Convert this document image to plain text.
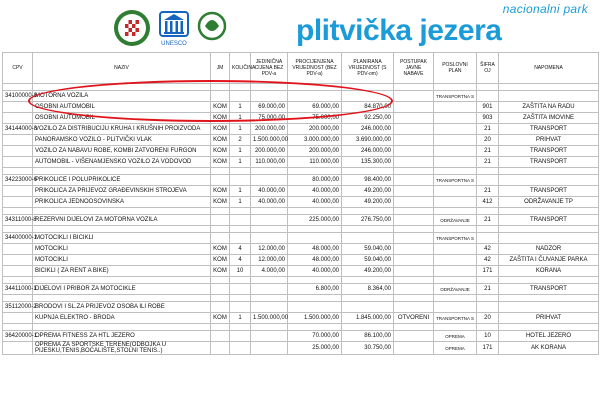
UNESCO
nacionalni park
plitvička jezera
CPV	NAZIV	JM	KOLIČINA	JEDINIČNA CIJENA BEZ PDV-a	PROCIJENJENA VRIJEDNOST (BEZ PDV-a)	PLANIRANA VRIJEDNOST (S PDV-om)	POSTUPAK JAVNE NABAVE	POSLOVNI PLAN	ŠIFRA OJ	NAPOMENA

34100000-8	MOTORNA VOZILA							TRANSPORTNA S		
	OSOBNI AUTOMOBIL	KOM	1	69.000,00	69.000,00	84.870,00			901	ZAŠTITA NA RADU
	OSOBNI AUTOMOBIL	KOM	1	75.000,00	75.000,00	92.250,00			903	ZAŠTITA IMOVINE
34144000-8	VOZILO ZA DISTRIBUCIJU KRUHA I KRUŠNIH PROIZVODA	KOM	1	200.000,00	200.000,00	246.000,00			21	TRANSPORT
	PANORAMSKO VOZILO - PLITVIČKI VLAK	KOM	2	1.500.000,00	3.000.000,00	3.690.000,00			20	PRIHVAT
	VOZILO ZA NABAVU ROBE, KOMBI ZATVORENI FURGON	KOM	1	200.000,00	200.000,00	246.000,00			21	TRANSPORT
	AUTOMOBIL - VIŠENAMJENSKO VOZILO ZA VODOVOD	KOM	1	110.000,00	110.000,00	135.300,00			21	TRANSPORT

34223000-6	PRIKOLICE I POLUPRIKOLICE				80.000,00	98.400,00		TRANSPORTNA S		
	PRIKOLICA ZA PRIJEVOZ GRAĐEVINSKIH STROJEVA	KOM	1	40.000,00	40.000,00	49.200,00			21	TRANSPORT
	PRIKOLICA JEDNOOSOVINSKA	KOM	1	40.000,00	40.000,00	49.200,00			412	ODRŽAVANJE TP

34311000-8	REZERVNI DIJELOVI ZA MOTORNA VOZILA				225.000,00	276.750,00		ODRŽAVANJE	21	TRANSPORT

34400000-1	MOTOCIKLI I BICIKLI							TRANSPORTNA S		
	MOTOCIKLI	KOM	4	12.000,00	48.000,00	59.040,00			42	NADZOR
	MOTOCIKLI	KOM	4	12.000,00	48.000,00	59.040,00			42	ZAŠTITA I ČUVANJE PARKA
	BICIKLI ( ZA RENT A BIKE)	KOM	10	4.000,00	40.000,00	49.200,00			171	KORANA

34411000-1	DIJELOVI I PRIBOR ZA MOTOCIKLE				6.800,00	8.364,00		ODRŽAVANJE	21	TRANSPORT

35112000-2	BRODOVI I SL.ZA PRIJEVOZ OSOBA ILI ROBE									
	KUPNJA ELEKTRO - BRODA	KOM	1	1.500.000,00	1.500.000,00	1.845.000,00	OTVORENI	TRANSPORTNA S	20	PRIHVAT

36420000-1	OPREMA FITNESS ZA HTL JEZERO				70.000,00	86.100,00		OPREMA	10	HOTEL JEZERO
	OPREMA ZA SPORTSKE TERENE(ODBOJKA U PIJESKU,TENIS,BOĆALIŠTE,STOLNI TENIS..)				25.000,00	30.750,00		OPREMA	171	AK KORANA
